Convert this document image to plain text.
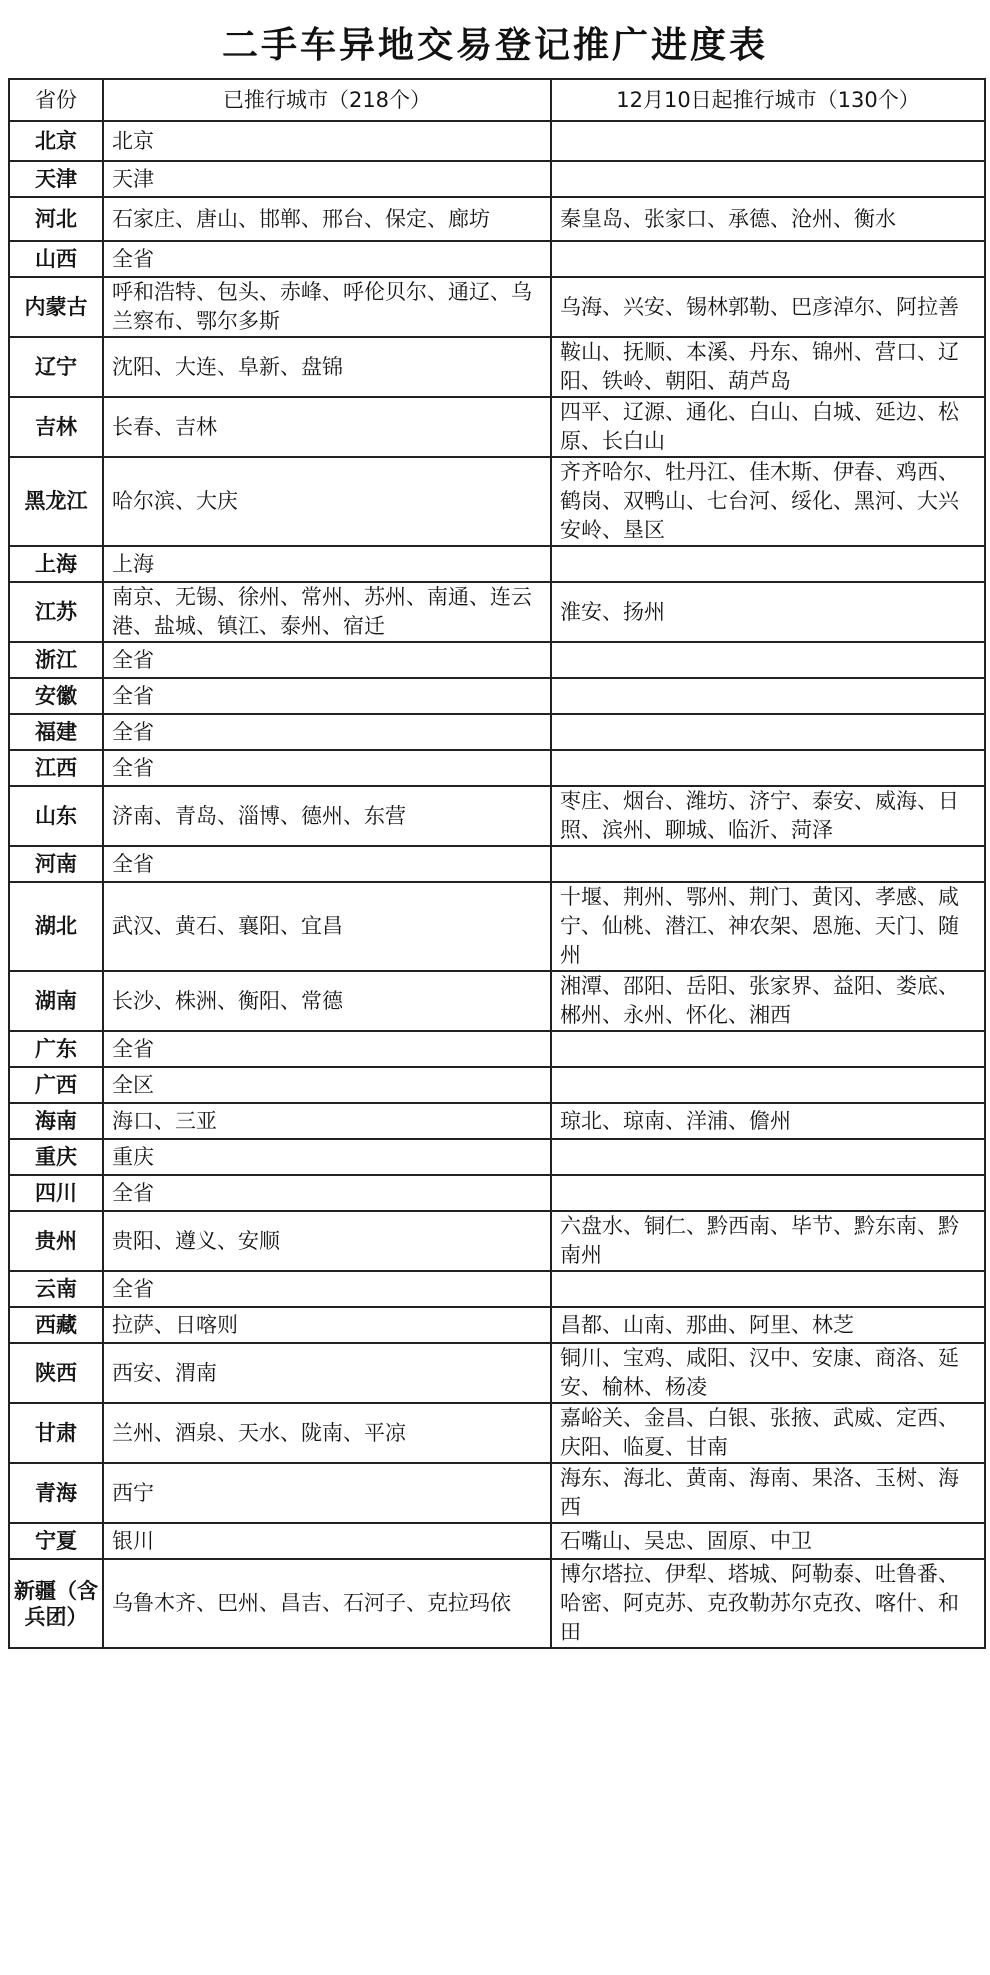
二手车异地交易登记推广进度表
省份	已推行城市（218个）	12月10日起推行城市（130个）
北京	北京	
天津	天津	
河北	石家庄、唐山、邯郸、邢台、保定、廊坊	秦皇岛、张家口、承德、沧州、衡水
山西	全省	
内蒙古	呼和浩特、包头、赤峰、呼伦贝尔、通辽、乌兰察布、鄂尔多斯	乌海、兴安、锡林郭勒、巴彦淖尔、阿拉善
辽宁	沈阳、大连、阜新、盘锦	鞍山、抚顺、本溪、丹东、锦州、营口、辽阳、铁岭、朝阳、葫芦岛
吉林	长春、吉林	四平、辽源、通化、白山、白城、延边、松原、长白山
黑龙江	哈尔滨、大庆	齐齐哈尔、牡丹江、佳木斯、伊春、鸡西、鹤岗、双鸭山、七台河、绥化、黑河、大兴安岭、垦区
上海	上海	
江苏	南京、无锡、徐州、常州、苏州、南通、连云港、盐城、镇江、泰州、宿迁	淮安、扬州
浙江	全省	
安徽	全省	
福建	全省	
江西	全省	
山东	济南、青岛、淄博、德州、东营	枣庄、烟台、潍坊、济宁、泰安、威海、日照、滨州、聊城、临沂、菏泽
河南	全省	
湖北	武汉、黄石、襄阳、宜昌	十堰、荆州、鄂州、荆门、黄冈、孝感、咸宁、仙桃、潜江、神农架、恩施、天门、随州
湖南	长沙、株洲、衡阳、常德	湘潭、邵阳、岳阳、张家界、益阳、娄底、郴州、永州、怀化、湘西
广东	全省	
广西	全区	
海南	海口、三亚	琼北、琼南、洋浦、儋州
重庆	重庆	
四川	全省	
贵州	贵阳、遵义、安顺	六盘水、铜仁、黔西南、毕节、黔东南、黔南州
云南	全省	
西藏	拉萨、日喀则	昌都、山南、那曲、阿里、林芝
陕西	西安、渭南	铜川、宝鸡、咸阳、汉中、安康、商洛、延安、榆林、杨凌
甘肃	兰州、酒泉、天水、陇南、平凉	嘉峪关、金昌、白银、张掖、武威、定西、庆阳、临夏、甘南
青海	西宁	海东、海北、黄南、海南、果洛、玉树、海西
宁夏	银川	石嘴山、吴忠、固原、中卫
新疆（含兵团）	乌鲁木齐、巴州、昌吉、石河子、克拉玛依	博尔塔拉、伊犁、塔城、阿勒泰、吐鲁番、哈密、阿克苏、克孜勒苏尔克孜、喀什、和田
